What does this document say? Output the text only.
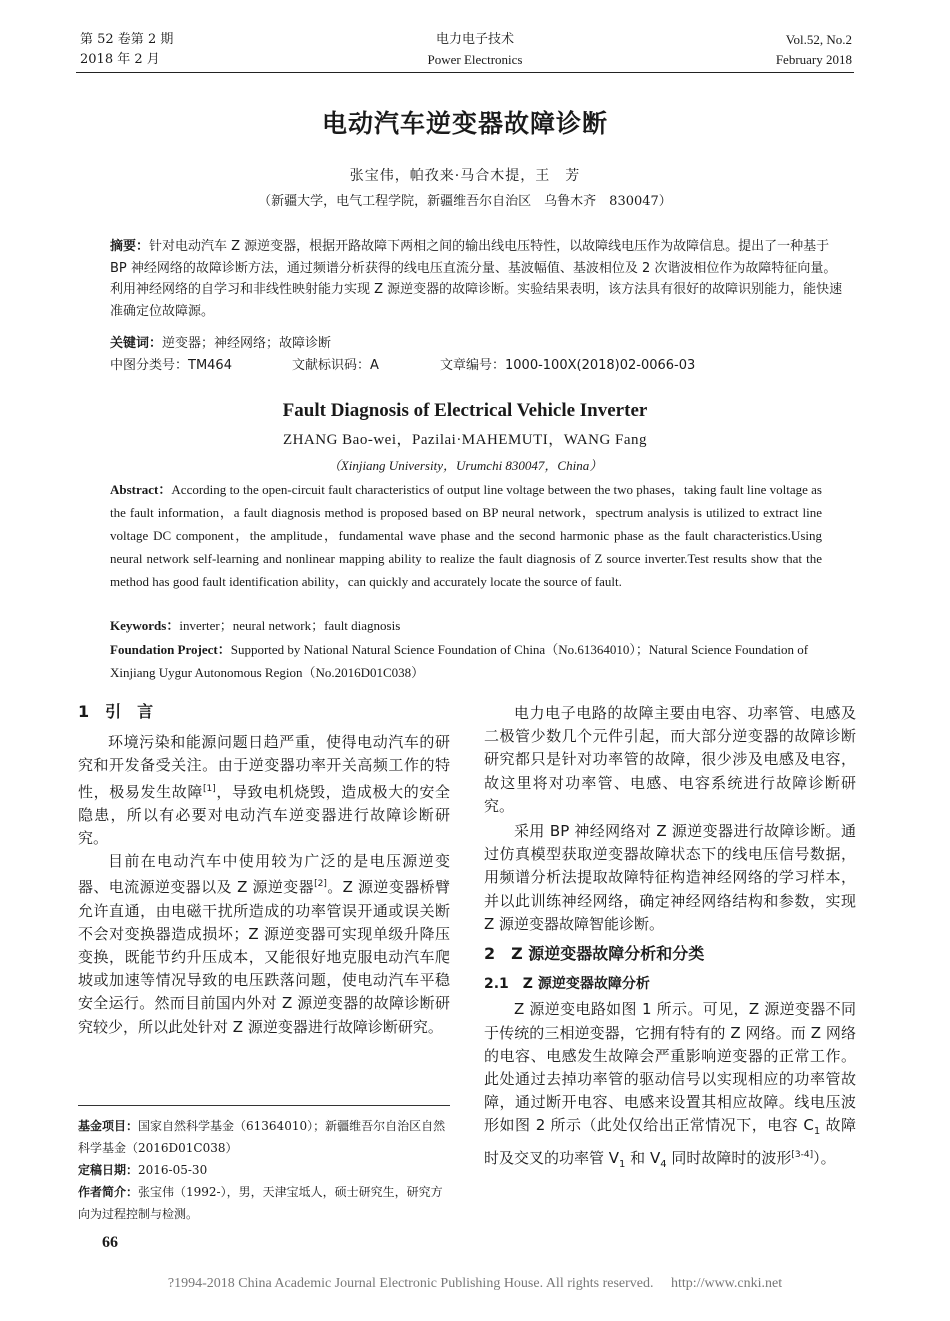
第 52 卷第 2 期
2018 年 2 月
电力电子技术
Power Electronics
Vol.52, No.2
February 2018
电动汽车逆变器故障诊断
张宝伟，帕孜来·马合木提，王　芳
（新疆大学，电气工程学院，新疆维吾尔自治区　乌鲁木齐　830047）
摘要：针对电动汽车 Z 源逆变器，根据开路故障下两相之间的输出线电压特性，以故障线电压作为故障信息。提出了一种基于 BP 神经网络的故障诊断方法，通过频谱分析获得的线电压直流分量、基波幅值、基波相位及 2 次谐波相位作为故障特征向量。利用神经网络的自学习和非线性映射能力实现 Z 源逆变器的故障诊断。实验结果表明，该方法具有很好的故障识别能力，能快速准确定位故障源。
关键词：逆变器；神经网络；故障诊断
中图分类号：TM464	文献标识码：A	文章编号：1000-100X(2018)02-0066-03
Fault Diagnosis of Electrical Vehicle Inverter
ZHANG Bao-wei，Pazilai·MAHEMUTI，WANG Fang
（Xinjiang University，Urumchi 830047，China）
Abstract：According to the open-circuit fault characteristics of output line voltage between the two phases，taking fault line voltage as the fault information，a fault diagnosis method is proposed based on BP neural network，spectrum analysis is utilized to extract line voltage DC component，the amplitude，fundamental wave phase and the second harmonic phase as the fault characteristics.Using neural network self-learning and nonlinear mapping ability to realize the fault diagnosis of Z source inverter.Test results show that the method has good fault identification ability，can quickly and accurately locate the source of fault.
Keywords：inverter；neural network；fault diagnosis
Foundation Project：Supported by National Natural Science Foundation of China（No.61364010）；Natural Science Foundation of Xinjiang Uygur Autonomous Region（No.2016D01C038）
1　引　言

环境污染和能源问题日趋严重，使得电动汽车的研究和开发备受关注。由于逆变器功率开关高频工作的特性，极易发生故障[1]，导致电机烧毁，造成极大的安全隐患，所以有必要对电动汽车逆变器进行故障诊断研究。

目前在电动汽车中使用较为广泛的是电压源逆变器、电流源逆变器以及 Z 源逆变器[2]。Z 源逆变器桥臂允许直通，由电磁干扰所造成的功率管误开通或误关断不会对变换器造成损坏；Z 源逆变器可实现单级升降压变换，既能节约升压成本，又能很好地克服电动汽车爬坡或加速等情况导致的电压跌落问题，使电动汽车平稳安全运行。然而目前国内外对 Z 源逆变器的故障诊断研究较少，所以此处针对 Z 源逆变器进行故障诊断研究。

基金项目：国家自然科学基金（61364010）；新疆维吾尔自治区自然科学基金（2016D01C038）
定稿日期：2016-05-30
作者简介：张宝伟（1992-），男，天津宝坻人，硕士研究生，研究方向为过程控制与检测。
66

电力电子电路的故障主要由电容、功率管、电感及二极管少数几个元件引起，而大部分逆变器的故障诊断研究都只是针对功率管的故障，很少涉及电感及电容，故这里将对功率管、电感、电容系统进行故障诊断研究。

采用 BP 神经网络对 Z 源逆变器进行故障诊断。通过仿真模型获取逆变器故障状态下的线电压信号数据，用频谱分析法提取故障特征构造神经网络的学习样本，并以此训练神经网络，确定神经网络结构和参数，实现 Z 源逆变器故障智能诊断。

2　Z 源逆变器故障分析和分类
2.1　Z 源逆变器故障分析

Z 源逆变电路如图 1 所示。可见，Z 源逆变器不同于传统的三相逆变器，它拥有特有的 Z 网络。而 Z 网络的电容、电感发生故障会严重影响逆变器的正常工作。此处通过去掉功率管的驱动信号以实现相应的功率管故障，通过断开电容、电感来设置其相应故障。线电压波形如图 2 所示（此处仅给出正常情况下，电容 $C_1$ 故障时及交叉的功率管 $V_1$ 和 $V_4$ 同时故障时的波形[3-4]）。

?1994-2018 China Academic Journal Electronic Publishing House. All rights reserved.　 http://www.cnki.net
